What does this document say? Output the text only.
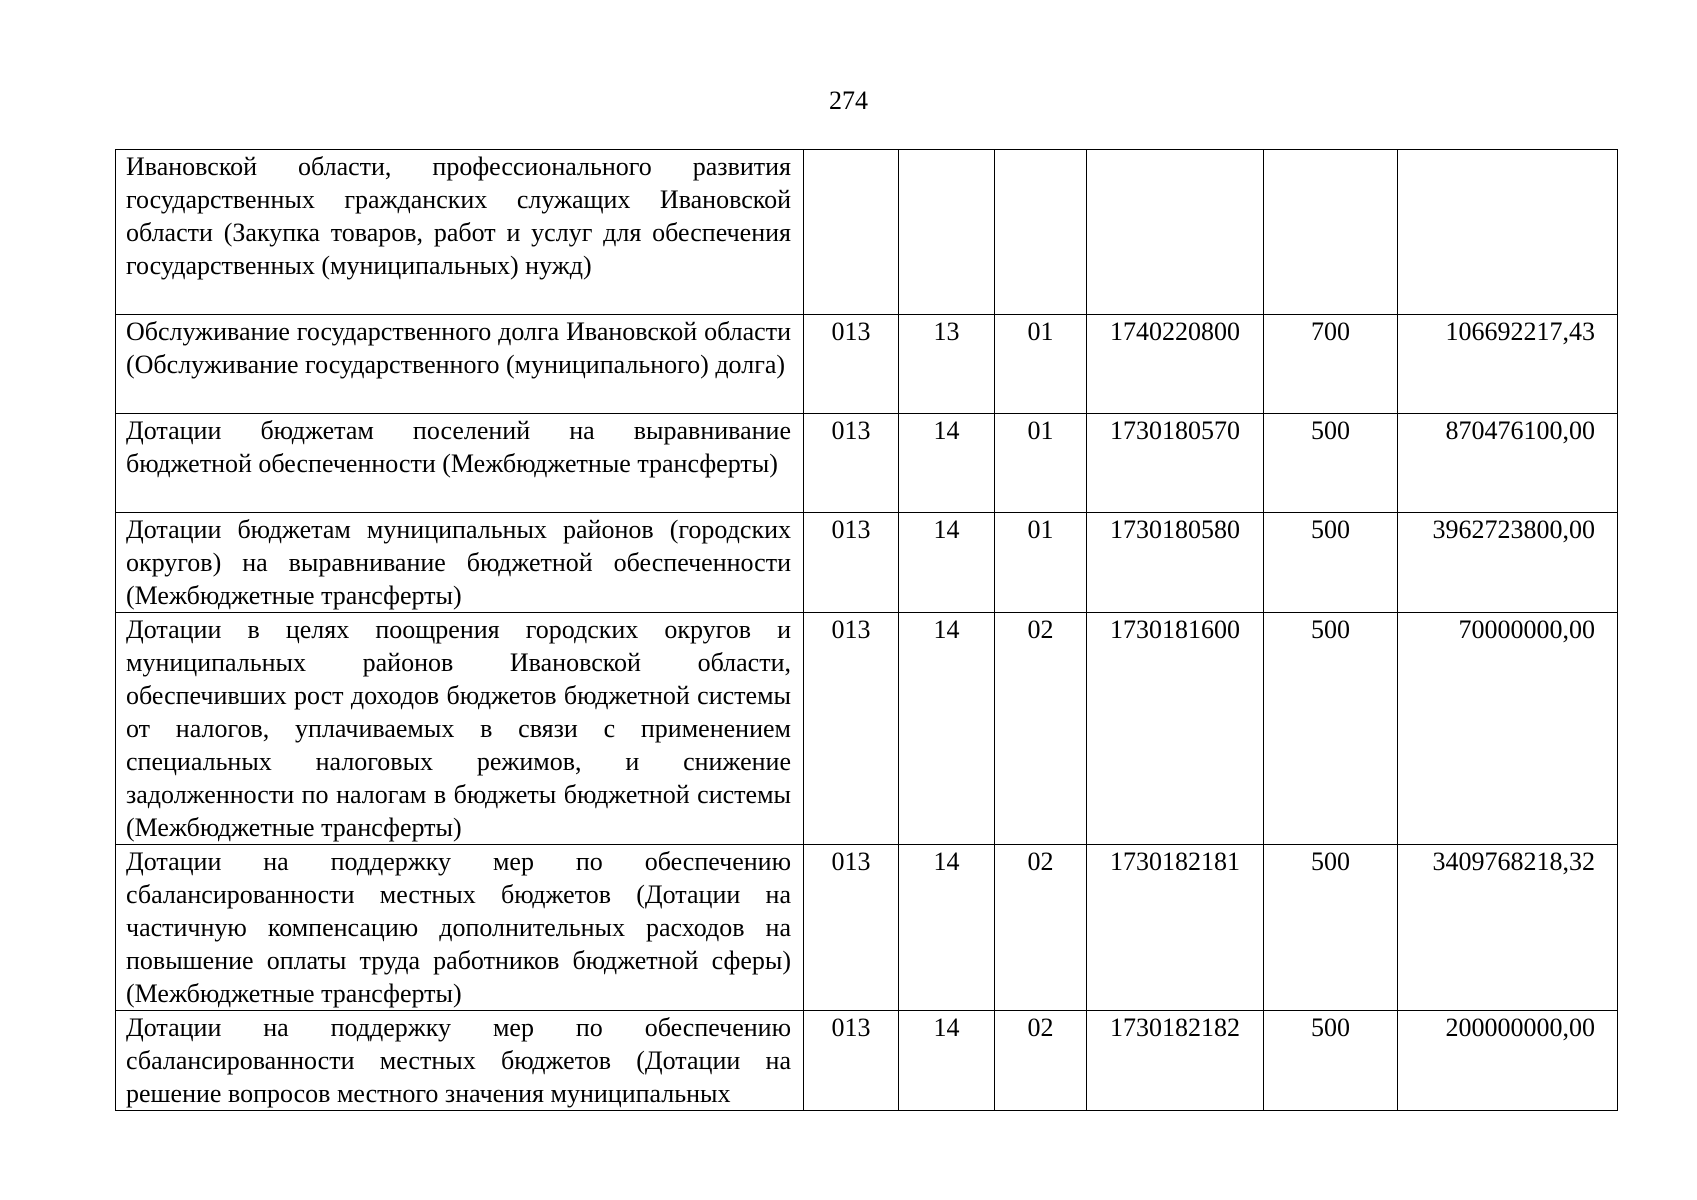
274
Ивановской области, профессионального развития государственных гражданских служащих Ивановской области (Закупка товаров, работ и услуг для обеспечения государственных (муниципальных) нужд)						
Обслуживание государственного долга Ивановской области (Обслуживание государственного (муниципального) долга)	013	13	01	1740220800	700	106692217,43
Дотации бюджетам поселений на выравнивание бюджетной обеспеченности (Межбюджетные трансферты)	013	14	01	1730180570	500	870476100,00
Дотации бюджетам муниципальных районов (городских округов) на выравнивание бюджетной обеспеченности (Межбюджетные трансферты)	013	14	01	1730180580	500	3962723800,00
Дотации в целях поощрения городских округов и муниципальных районов Ивановской области, обеспечивших рост доходов бюджетов бюджетной системы от налогов, уплачиваемых в связи с применением специальных налоговых режимов, и снижение задолженности по налогам в бюджеты бюджетной системы (Межбюджетные трансферты)	013	14	02	1730181600	500	70000000,00
Дотации на поддержку мер по обеспечению сбалансированности местных бюджетов (Дотации на частичную компенсацию дополнительных расходов на повышение оплаты труда работников бюджетной сферы) (Межбюджетные трансферты)	013	14	02	1730182181	500	3409768218,32
Дотации на поддержку мер по обеспечению сбалансированности местных бюджетов (Дотации на решение вопросов местного значения муниципальных	013	14	02	1730182182	500	200000000,00
